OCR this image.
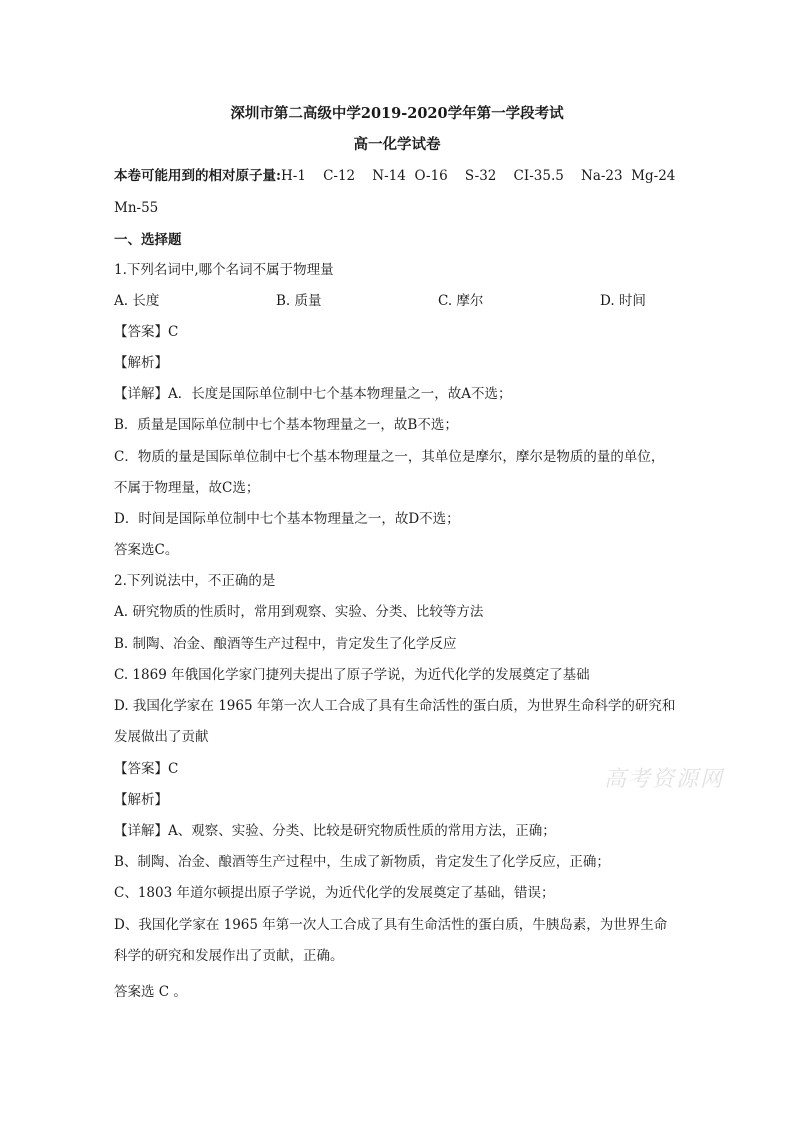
深圳市第二高级中学2019-2020学年第一学段考试
高一化学试卷
本卷可能用到的相对原子量:H-1    C-12    N-14  O-16    S-32    CI-35.5    Na-23  Mg-24
Mn-55
一、选择题
1.下列名词中,哪个名词不属于物理量
A. 长度	B. 质量	C. 摩尔	D. 时间
【答案】C
【解析】
【详解】A．长度是国际单位制中七个基本物理量之一，故A不选；
B．质量是国际单位制中七个基本物理量之一，故B不选；
C．物质的量是国际单位制中七个基本物理量之一，其单位是摩尔，摩尔是物质的量的单位，
不属于物理量，故C选；
D．时间是国际单位制中七个基本物理量之一，故D不选；
答案选C。
2.下列说法中，不正确的是
A. 研究物质的性质时，常用到观察、实验、分类、比较等方法
B. 制陶、冶金、酿酒等生产过程中，肯定发生了化学反应
C. 1869 年俄国化学家门捷列夫提出了原子学说，为近代化学的发展奠定了基础
D. 我国化学家在 1965 年第一次人工合成了具有生命活性的蛋白质，为世界生命科学的研究和
发展做出了贡献
【答案】C
【解析】
【详解】A、观察、实验、分类、比较是研究物质性质的常用方法，正确；
B、制陶、冶金、酿酒等生产过程中，生成了新物质，肯定发生了化学反应，正确；
C、1803 年道尔顿提出原子学说，为近代化学的发展奠定了基础，错误；
D、我国化学家在 1965 年第一次人工合成了具有生命活性的蛋白质，牛胰岛素，为世界生命
科学的研究和发展作出了贡献，正确。
答案选 C 。
高考资源网
